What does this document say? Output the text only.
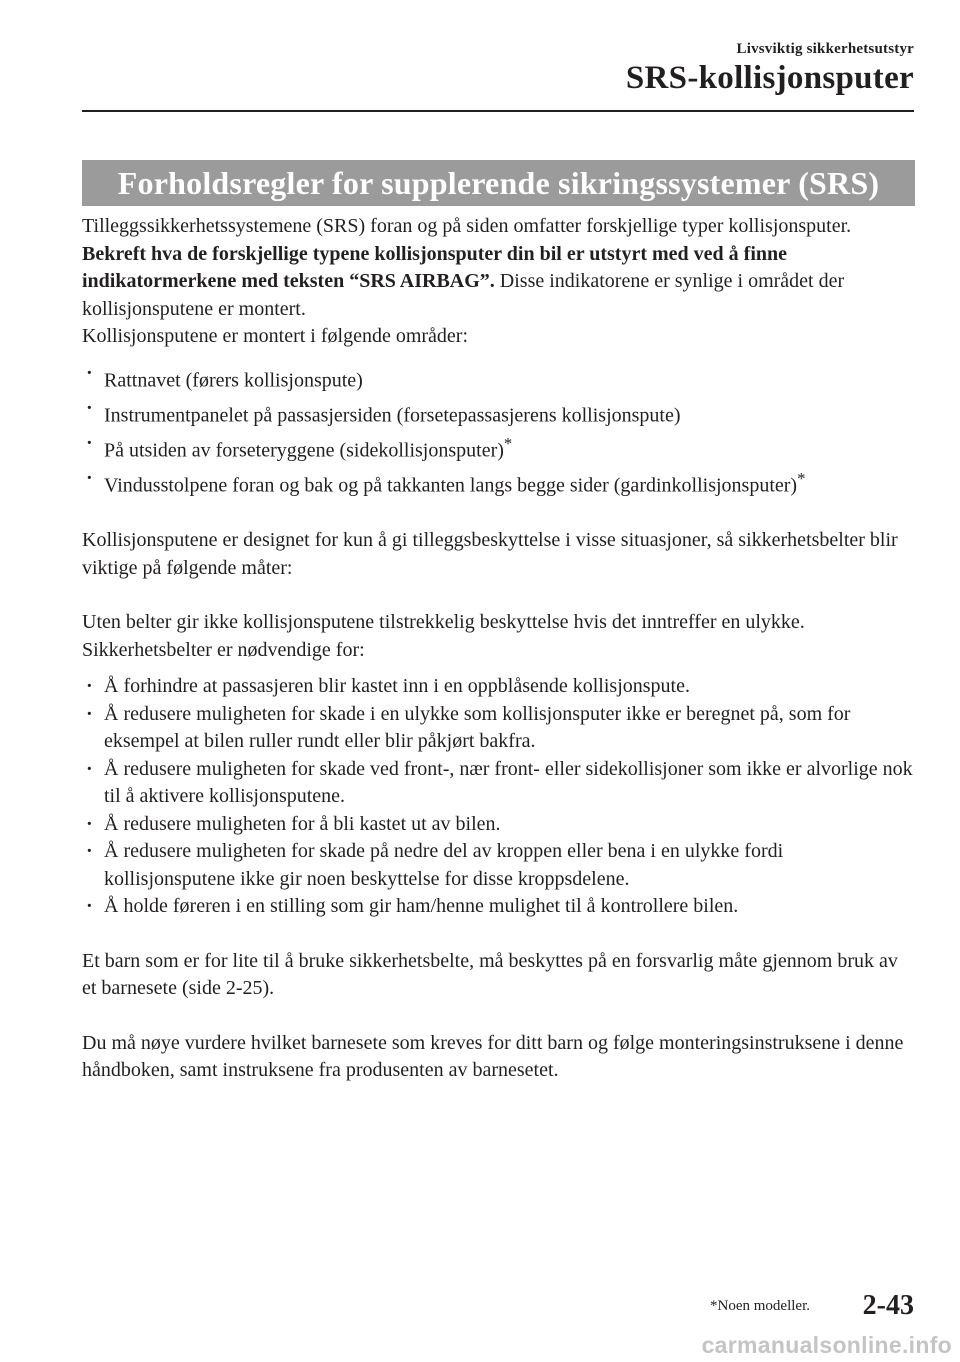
Livsviktig sikkerhetsutstyr
SRS-kollisjonsputer
Forholdsregler for supplerende sikringssystemer (SRS)

Tilleggssikkerhetssystemene (SRS) foran og på siden omfatter forskjellige typer kollisjonsputer. Bekreft hva de forskjellige typene kollisjonsputer din bil er utstyrt med ved å finne indikatormerkene med teksten “SRS AIRBAG”. Disse indikatorene er synlige i området der kollisjonsputene er montert.

Kollisjonsputene er montert i følgende områder:

· Rattnavet (førers kollisjonspute)
· Instrumentpanelet på passasjersiden (forsetepassasjerens kollisjonspute)
· På utsiden av forseteryggene (sidekollisjonsputer)*
· Vindusstolpene foran og bak og på takkanten langs begge sider (gardinkollisjonsputer)*

Kollisjonsputene er designet for kun å gi tilleggsbeskyttelse i visse situasjoner, så sikkerhetsbelter blir viktige på følgende måter:

Uten belter gir ikke kollisjonsputene tilstrekkelig beskyttelse hvis det inntreffer en ulykke.

Sikkerhetsbelter er nødvendige for:

· Å forhindre at passasjeren blir kastet inn i en oppblåsende kollisjonspute.
· Å redusere muligheten for skade i en ulykke som kollisjonsputer ikke er beregnet på, som for eksempel at bilen ruller rundt eller blir påkjørt bakfra.
· Å redusere muligheten for skade ved front-, nær front- eller sidekollisjoner som ikke er alvorlige nok til å aktivere kollisjonsputene.
· Å redusere muligheten for å bli kastet ut av bilen.
· Å redusere muligheten for skade på nedre del av kroppen eller bena i en ulykke fordi kollisjonsputene ikke gir noen beskyttelse for disse kroppsdelene.
· Å holde føreren i en stilling som gir ham/henne mulighet til å kontrollere bilen.

Et barn som er for lite til å bruke sikkerhetsbelte, må beskyttes på en forsvarlig måte gjennom bruk av et barnesete (side 2-25).

Du må nøye vurdere hvilket barnesete som kreves for ditt barn og følge monteringsinstruksene i denne håndboken, samt instruksene fra produsenten av barnesetet.

*Noen modeller. 2-43
carmanualsonline.info
